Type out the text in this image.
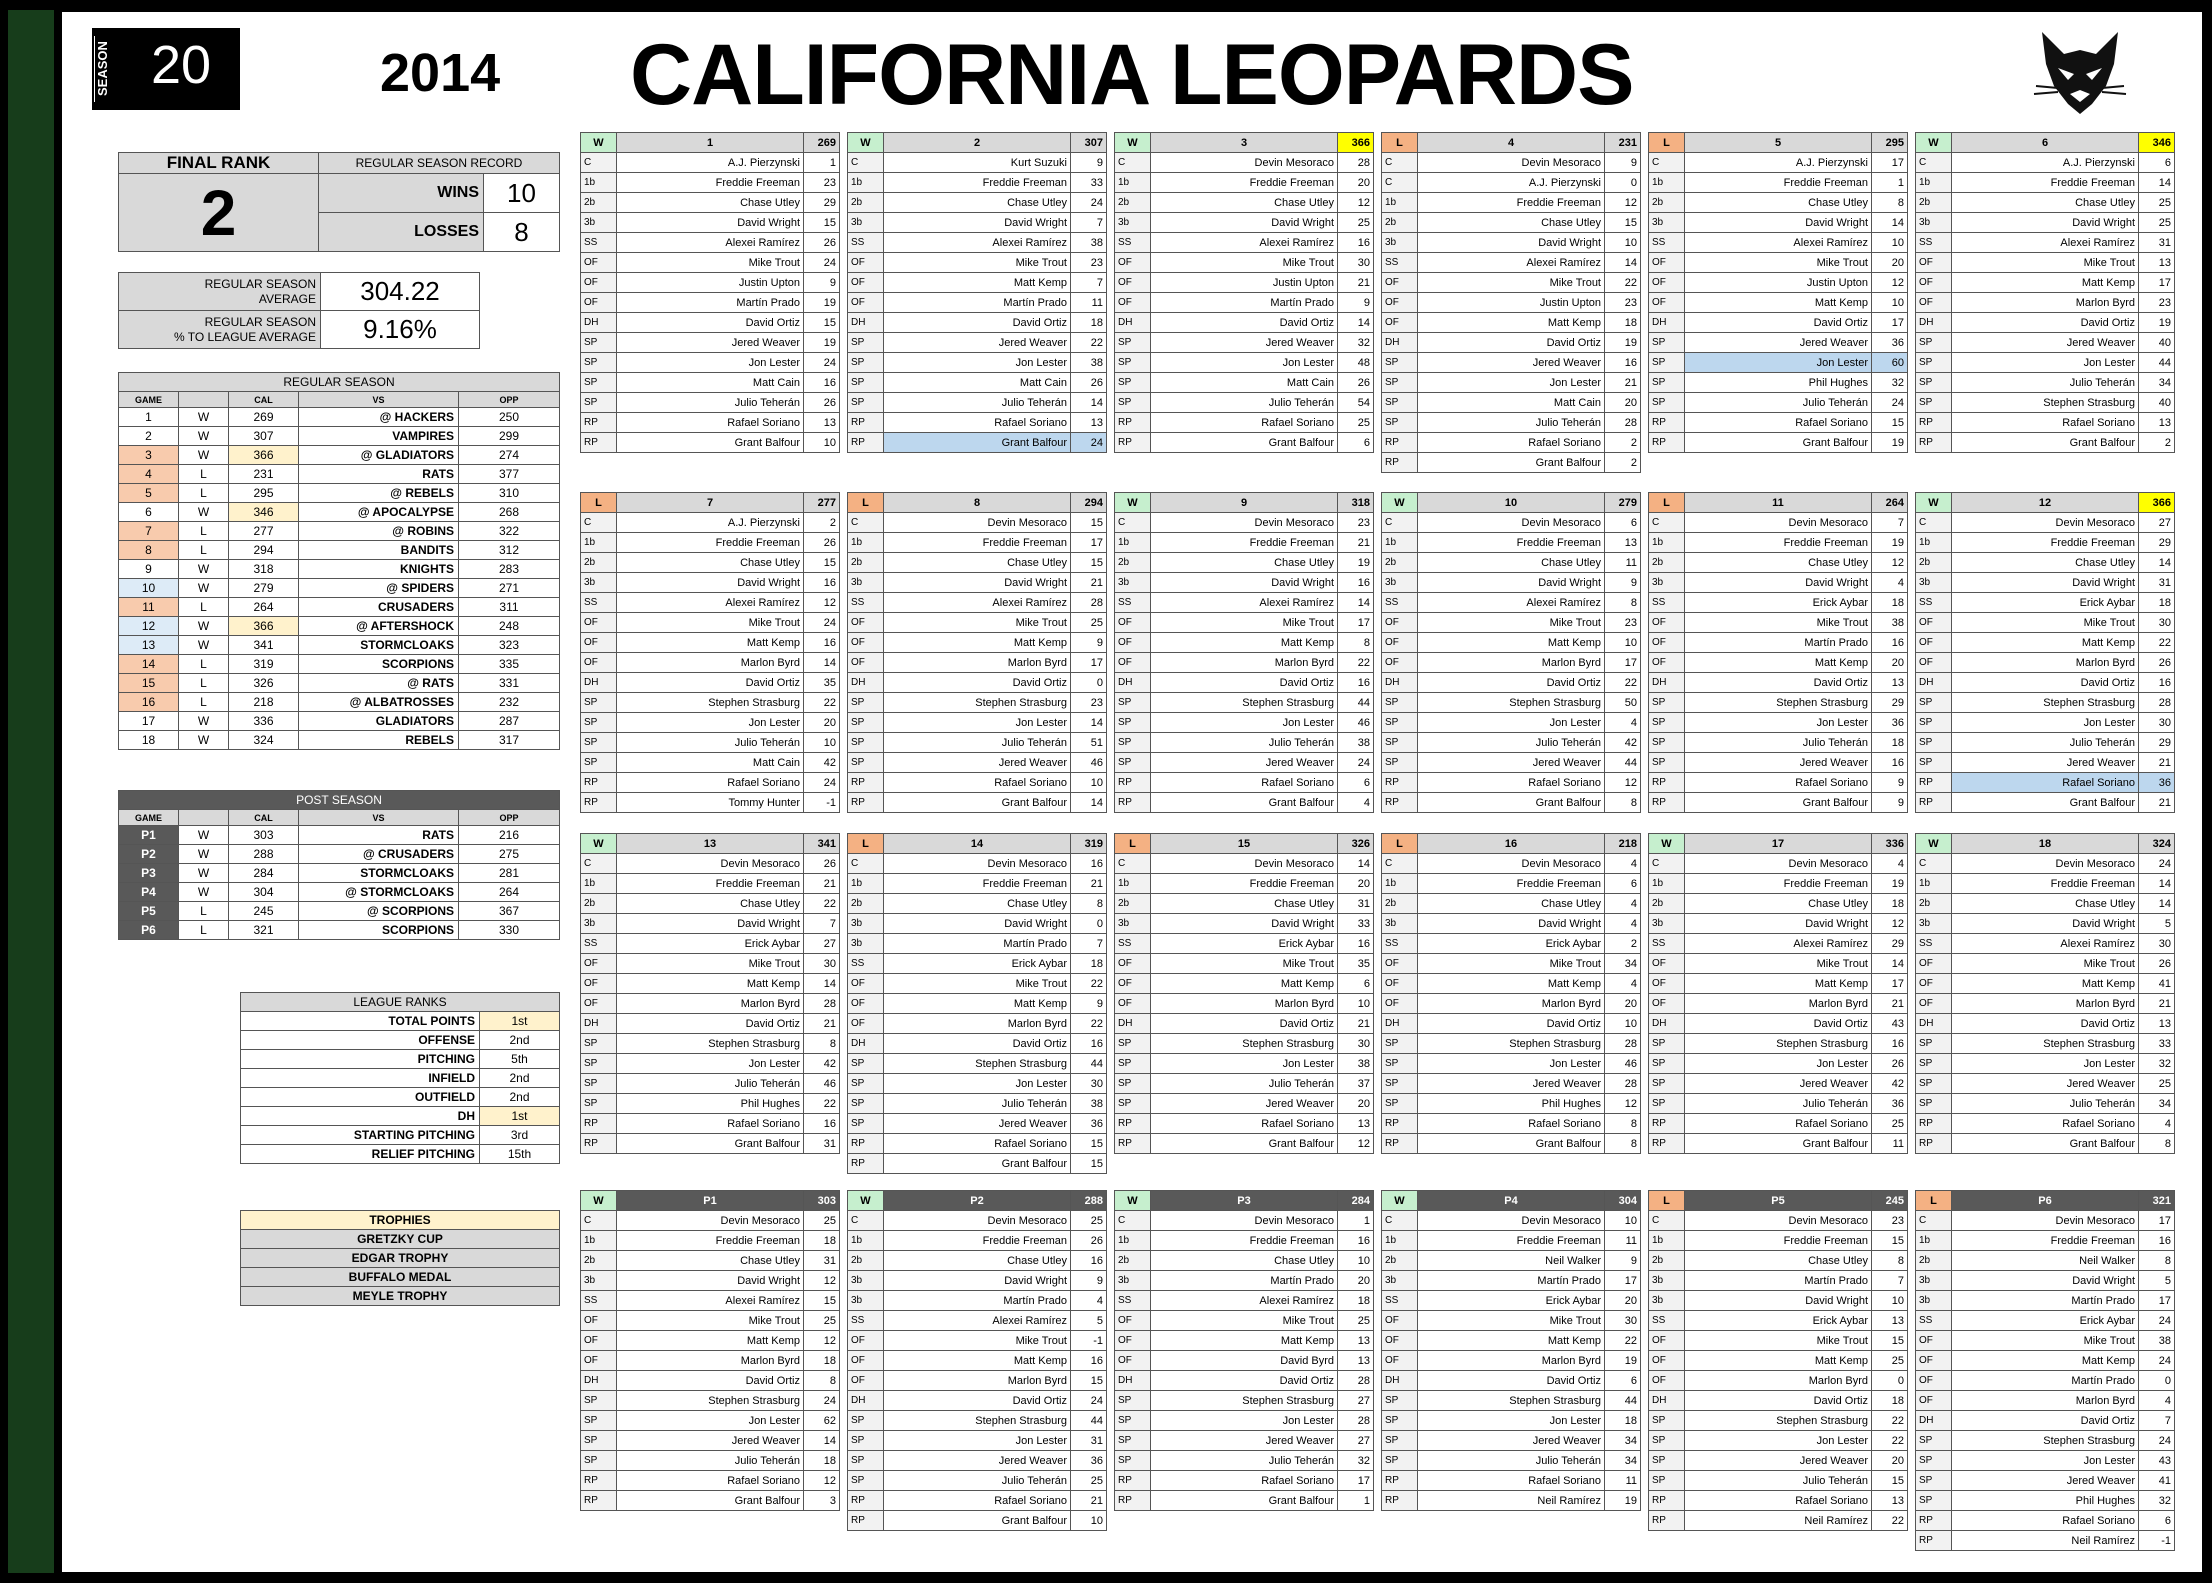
SEASON 20	2014 CALIFORNIA LEOPARDS
FINAL RANK	REGULAR SEASON RECORD	
2	WINS	10
	LOSSES	8
REGULAR SEASON
AVERAGE	304.22
REGULAR SEASON
% TO LEAGUE AVERAGE	9.16%
REGULAR SEASON				
GAME		CAL	VS	OPP
1	W	269	@ HACKERS	250
2	W	307	VAMPIRES	299
3	W	366	@ GLADIATORS	274
4	L	231	RATS	377
5	L	295	@ REBELS	310
6	W	346	@ APOCALYPSE	268
7	L	277	@ ROBINS	322
8	L	294	BANDITS	312
9	W	318	KNIGHTS	283
10	W	279	@ SPIDERS	271
11	L	264	CRUSADERS	311
12	W	366	@ AFTERSHOCK	248
13	W	341	STORMCLOAKS	323
14	L	319	SCORPIONS	335
15	L	326	@ RATS	331
16	L	218	@ ALBATROSSES	232
17	W	336	GLADIATORS	287
18	W	324	REBELS	317
POST SEASON				
GAME		CAL	VS	OPP
P1	W	303	RATS	216
P2	W	288	@ CRUSADERS	275
P3	W	284	STORMCLOAKS	281
P4	W	304	@ STORMCLOAKS	264
P5	L	245	@ SCORPIONS	367
P6	L	321	SCORPIONS	330
LEAGUE RANKS	
TOTAL POINTS	1st
OFFENSE	2nd
PITCHING	5th
INFIELD	2nd
OUTFIELD	2nd
DH	1st
STARTING PITCHING	3rd
RELIEF PITCHING	15th
TROPHIES
GRETZKY CUP
EDGAR TROPHY
BUFFALO MEDAL
MEYLE TROPHY
W	1	269
C	A.J. Pierzynski	1
1b	Freddie Freeman	23
2b	Chase Utley	29
3b	David Wright	15
SS	Alexei Ramírez	26
OF	Mike Trout	24
OF	Justin Upton	9
OF	Martín Prado	19
DH	David Ortiz	15
SP	Jered Weaver	19
SP	Jon Lester	24
SP	Matt Cain	16
SP	Julio Teherán	26
RP	Rafael Soriano	13
RP	Grant Balfour	10
W	2	307
C	Kurt Suzuki	9
1b	Freddie Freeman	33
2b	Chase Utley	24
3b	David Wright	7
SS	Alexei Ramírez	38
OF	Mike Trout	23
OF	Matt Kemp	7
OF	Martín Prado	11
DH	David Ortiz	18
SP	Jered Weaver	22
SP	Jon Lester	38
SP	Matt Cain	26
SP	Julio Teherán	14
RP	Rafael Soriano	13
RP	Grant Balfour	24
W	3	366
C	Devin Mesoraco	28
1b	Freddie Freeman	20
2b	Chase Utley	12
3b	David Wright	25
SS	Alexei Ramírez	16
OF	Mike Trout	30
OF	Justin Upton	21
OF	Martín Prado	9
DH	David Ortiz	14
SP	Jered Weaver	32
SP	Jon Lester	48
SP	Matt Cain	26
SP	Julio Teherán	54
RP	Rafael Soriano	25
RP	Grant Balfour	6
L	4	231
C	Devin Mesoraco	9
C	A.J. Pierzynski	0
1b	Freddie Freeman	12
2b	Chase Utley	15
3b	David Wright	10
SS	Alexei Ramírez	14
OF	Mike Trout	22
OF	Justin Upton	23
OF	Matt Kemp	18
DH	David Ortiz	19
SP	Jered Weaver	16
SP	Jon Lester	21
SP	Matt Cain	20
SP	Julio Teherán	28
RP	Rafael Soriano	2
RP	Grant Balfour	2
L	5	295
C	A.J. Pierzynski	17
1b	Freddie Freeman	1
2b	Chase Utley	8
3b	David Wright	14
SS	Alexei Ramírez	10
OF	Mike Trout	20
OF	Justin Upton	12
OF	Matt Kemp	10
DH	David Ortiz	17
SP	Jered Weaver	36
SP	Jon Lester	60
SP	Phil Hughes	32
SP	Julio Teherán	24
RP	Rafael Soriano	15
RP	Grant Balfour	19
W	6	346
C	A.J. Pierzynski	6
1b	Freddie Freeman	14
2b	Chase Utley	25
3b	David Wright	25
SS	Alexei Ramírez	31
OF	Mike Trout	13
OF	Matt Kemp	17
OF	Marlon Byrd	23
DH	David Ortiz	19
SP	Jered Weaver	40
SP	Jon Lester	44
SP	Julio Teherán	34
SP	Stephen Strasburg	40
RP	Rafael Soriano	13
RP	Grant Balfour	2
L	7	277
C	A.J. Pierzynski	2
1b	Freddie Freeman	26
2b	Chase Utley	15
3b	David Wright	16
SS	Alexei Ramírez	12
OF	Mike Trout	24
OF	Matt Kemp	16
OF	Marlon Byrd	14
DH	David Ortiz	35
SP	Stephen Strasburg	22
SP	Jon Lester	20
SP	Julio Teherán	10
SP	Matt Cain	42
RP	Rafael Soriano	24
RP	Tommy Hunter	-1
L	8	294
C	Devin Mesoraco	15
1b	Freddie Freeman	17
2b	Chase Utley	15
3b	David Wright	21
SS	Alexei Ramírez	28
OF	Mike Trout	25
OF	Matt Kemp	9
OF	Marlon Byrd	17
DH	David Ortiz	0
SP	Stephen Strasburg	23
SP	Jon Lester	14
SP	Julio Teherán	51
SP	Jered Weaver	46
RP	Rafael Soriano	10
RP	Grant Balfour	14
W	9	318
C	Devin Mesoraco	23
1b	Freddie Freeman	21
2b	Chase Utley	19
3b	David Wright	16
SS	Alexei Ramírez	14
OF	Mike Trout	17
OF	Matt Kemp	8
OF	Marlon Byrd	22
DH	David Ortiz	16
SP	Stephen Strasburg	44
SP	Jon Lester	46
SP	Julio Teherán	38
SP	Jered Weaver	24
RP	Rafael Soriano	6
RP	Grant Balfour	4
W	10	279
C	Devin Mesoraco	6
1b	Freddie Freeman	13
2b	Chase Utley	11
3b	David Wright	9
SS	Alexei Ramírez	8
OF	Mike Trout	23
OF	Matt Kemp	10
OF	Marlon Byrd	17
DH	David Ortiz	22
SP	Stephen Strasburg	50
SP	Jon Lester	4
SP	Julio Teherán	42
SP	Jered Weaver	44
RP	Rafael Soriano	12
RP	Grant Balfour	8
L	11	264
C	Devin Mesoraco	7
1b	Freddie Freeman	19
2b	Chase Utley	12
3b	David Wright	4
SS	Erick Aybar	18
OF	Mike Trout	38
OF	Martín Prado	16
OF	Matt Kemp	20
DH	David Ortiz	13
SP	Stephen Strasburg	29
SP	Jon Lester	36
SP	Julio Teherán	18
SP	Jered Weaver	16
RP	Rafael Soriano	9
RP	Grant Balfour	9
W	12	366
C	Devin Mesoraco	27
1b	Freddie Freeman	29
2b	Chase Utley	14
3b	David Wright	31
SS	Erick Aybar	18
OF	Mike Trout	30
OF	Matt Kemp	22
OF	Marlon Byrd	26
DH	David Ortiz	16
SP	Stephen Strasburg	28
SP	Jon Lester	30
SP	Julio Teherán	29
SP	Jered Weaver	21
RP	Rafael Soriano	36
RP	Grant Balfour	21
W	13	341
C	Devin Mesoraco	26
1b	Freddie Freeman	21
2b	Chase Utley	22
3b	David Wright	7
SS	Erick Aybar	27
OF	Mike Trout	30
OF	Matt Kemp	14
OF	Marlon Byrd	28
DH	David Ortiz	21
SP	Stephen Strasburg	8
SP	Jon Lester	42
SP	Julio Teherán	46
SP	Phil Hughes	22
RP	Rafael Soriano	16
RP	Grant Balfour	31
L	14	319
C	Devin Mesoraco	16
1b	Freddie Freeman	21
2b	Chase Utley	8
3b	David Wright	0
3b	Martín Prado	7
SS	Erick Aybar	18
OF	Mike Trout	22
OF	Matt Kemp	9
OF	Marlon Byrd	22
DH	David Ortiz	16
SP	Stephen Strasburg	44
SP	Jon Lester	30
SP	Julio Teherán	38
SP	Jered Weaver	36
RP	Rafael Soriano	15
RP	Grant Balfour	15
L	15	326
C	Devin Mesoraco	14
1b	Freddie Freeman	20
2b	Chase Utley	31
3b	David Wright	33
SS	Erick Aybar	16
OF	Mike Trout	35
OF	Matt Kemp	6
OF	Marlon Byrd	10
DH	David Ortiz	21
SP	Stephen Strasburg	30
SP	Jon Lester	38
SP	Julio Teherán	37
SP	Jered Weaver	20
RP	Rafael Soriano	13
RP	Grant Balfour	12
L	16	218
C	Devin Mesoraco	4
1b	Freddie Freeman	6
2b	Chase Utley	4
3b	David Wright	4
SS	Erick Aybar	2
OF	Mike Trout	34
OF	Matt Kemp	4
OF	Marlon Byrd	20
DH	David Ortiz	10
SP	Stephen Strasburg	28
SP	Jon Lester	46
SP	Jered Weaver	28
SP	Phil Hughes	12
RP	Rafael Soriano	8
RP	Grant Balfour	8
W	17	336
C	Devin Mesoraco	4
1b	Freddie Freeman	19
2b	Chase Utley	18
3b	David Wright	12
SS	Alexei Ramírez	29
OF	Mike Trout	14
OF	Matt Kemp	17
OF	Marlon Byrd	21
DH	David Ortiz	43
SP	Stephen Strasburg	16
SP	Jon Lester	26
SP	Jered Weaver	42
SP	Julio Teherán	36
RP	Rafael Soriano	25
RP	Grant Balfour	11
W	18	324
C	Devin Mesoraco	24
1b	Freddie Freeman	14
2b	Chase Utley	14
3b	David Wright	5
SS	Alexei Ramírez	30
OF	Mike Trout	26
OF	Matt Kemp	41
OF	Marlon Byrd	21
DH	David Ortiz	13
SP	Stephen Strasburg	33
SP	Jon Lester	32
SP	Jered Weaver	25
SP	Julio Teherán	34
RP	Rafael Soriano	4
RP	Grant Balfour	8
W	P1	303
C	Devin Mesoraco	25
1b	Freddie Freeman	18
2b	Chase Utley	31
3b	David Wright	12
SS	Alexei Ramírez	15
OF	Mike Trout	25
OF	Matt Kemp	12
OF	Marlon Byrd	18
DH	David Ortiz	8
SP	Stephen Strasburg	24
SP	Jon Lester	62
SP	Jered Weaver	14
SP	Julio Teherán	18
RP	Rafael Soriano	12
RP	Grant Balfour	3
W	P2	288
C	Devin Mesoraco	25
1b	Freddie Freeman	26
2b	Chase Utley	16
3b	David Wright	9
3b	Martín Prado	4
SS	Alexei Ramírez	5
OF	Mike Trout	-1
OF	Matt Kemp	16
OF	Marlon Byrd	15
DH	David Ortiz	24
SP	Stephen Strasburg	44
SP	Jon Lester	31
SP	Jered Weaver	36
SP	Julio Teherán	25
RP	Rafael Soriano	21
RP	Grant Balfour	10
W	P3	284
C	Devin Mesoraco	1
1b	Freddie Freeman	16
2b	Chase Utley	10
3b	Martín Prado	20
SS	Alexei Ramírez	18
OF	Mike Trout	25
OF	Matt Kemp	13
OF	David Byrd	13
DH	David Ortiz	28
SP	Stephen Strasburg	27
SP	Jon Lester	28
SP	Jered Weaver	27
SP	Julio Teherán	32
RP	Rafael Soriano	17
RP	Grant Balfour	1
W	P4	304
C	Devin Mesoraco	10
1b	Freddie Freeman	11
2b	Neil Walker	9
3b	Martín Prado	17
SS	Erick Aybar	20
OF	Mike Trout	30
OF	Matt Kemp	22
OF	Marlon Byrd	19
DH	David Ortiz	6
SP	Stephen Strasburg	44
SP	Jon Lester	18
SP	Jered Weaver	34
SP	Julio Teherán	34
RP	Rafael Soriano	11
RP	Neil Ramírez	19
L	P5	245
C	Devin Mesoraco	23
1b	Freddie Freeman	15
2b	Chase Utley	8
3b	Martín Prado	7
3b	David Wright	10
SS	Erick Aybar	13
OF	Mike Trout	15
OF	Matt Kemp	25
OF	Marlon Byrd	0
DH	David Ortiz	18
SP	Stephen Strasburg	22
SP	Jon Lester	22
SP	Jered Weaver	20
SP	Julio Teherán	15
RP	Rafael Soriano	13
RP	Neil Ramírez	22
L	P6	321
C	Devin Mesoraco	17
1b	Freddie Freeman	16
2b	Neil Walker	8
3b	David Wright	5
3b	Martín Prado	17
SS	Erick Aybar	24
OF	Mike Trout	38
OF	Matt Kemp	24
OF	Martín Prado	0
OF	Marlon Byrd	4
DH	David Ortiz	7
SP	Stephen Strasburg	24
SP	Jon Lester	43
SP	Jered Weaver	41
SP	Phil Hughes	32
RP	Rafael Soriano	6
RP	Neil Ramírez	-1
